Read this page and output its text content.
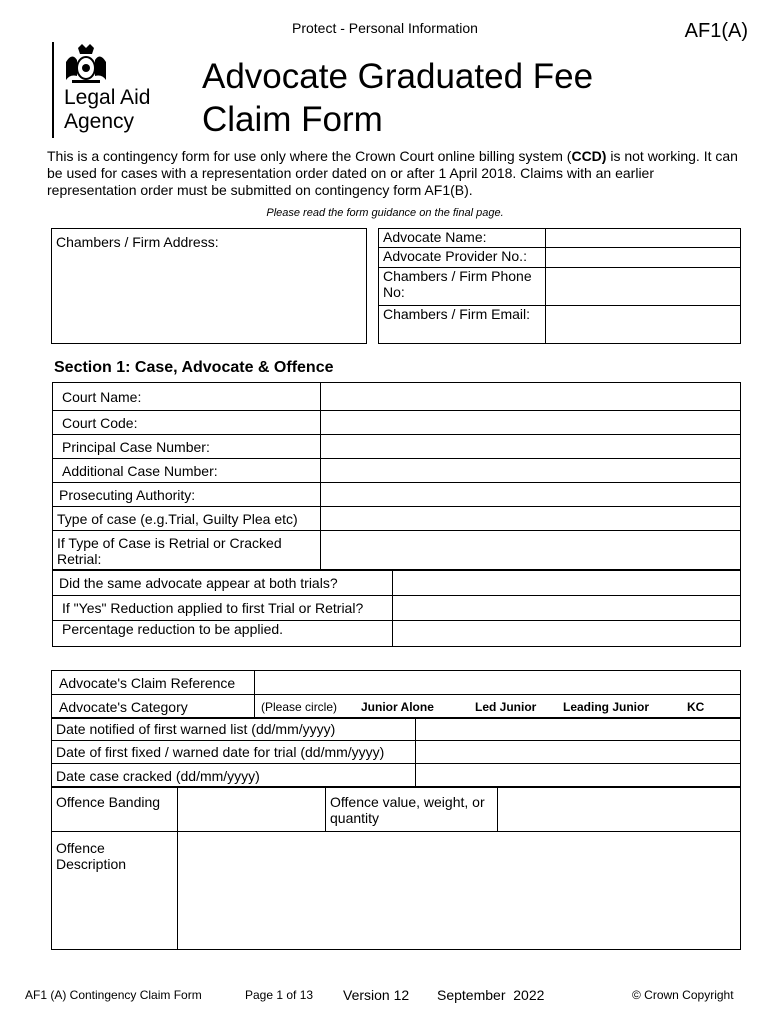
Protect - Personal Information	AF1(A)
Legal Aid
Agency
Advocate Graduated Fee
Claim Form
This is a contingency form for use only where the Crown Court online billing system (CCD) is not working. It can be used for cases with a representation order dated on or after 1 April 2018. Claims with an earlier representation order must be submitted on contingency form AF1(B).
Please read the form guidance on the final page.
Chambers / Firm Address:	Advocate Name:	
Advocate Provider No.:	
Chambers / Firm Phone No:	
Chambers / Firm Email:	
Section 1: Case, Advocate & Offence
Court Name:	
Court Code:	
Principal Case Number:	
Additional Case Number:	
Prosecuting Authority:	
Type of case (e.g.Trial, Guilty Plea etc)	
If Type of Case is Retrial or Cracked Retrial:	
Did the same advocate appear at both trials?	
If "Yes" Reduction applied to first Trial or Retrial?	
Percentage reduction to be applied.	
Advocate's Claim Reference	
Advocate's Category	(Please circle) Junior Alone Led Junior Leading Junior KC
Date notified of first warned list (dd/mm/yyyy)	
Date of first fixed / warned date for trial (dd/mm/yyyy)	
Date case cracked (dd/mm/yyyy)	
Offence Banding		Offence value, weight, or quantity	
Offence Description			
AF1 (A) Contingency Claim Form	Page 1 of 13 Version 12 September  2022	© Crown Copyright
